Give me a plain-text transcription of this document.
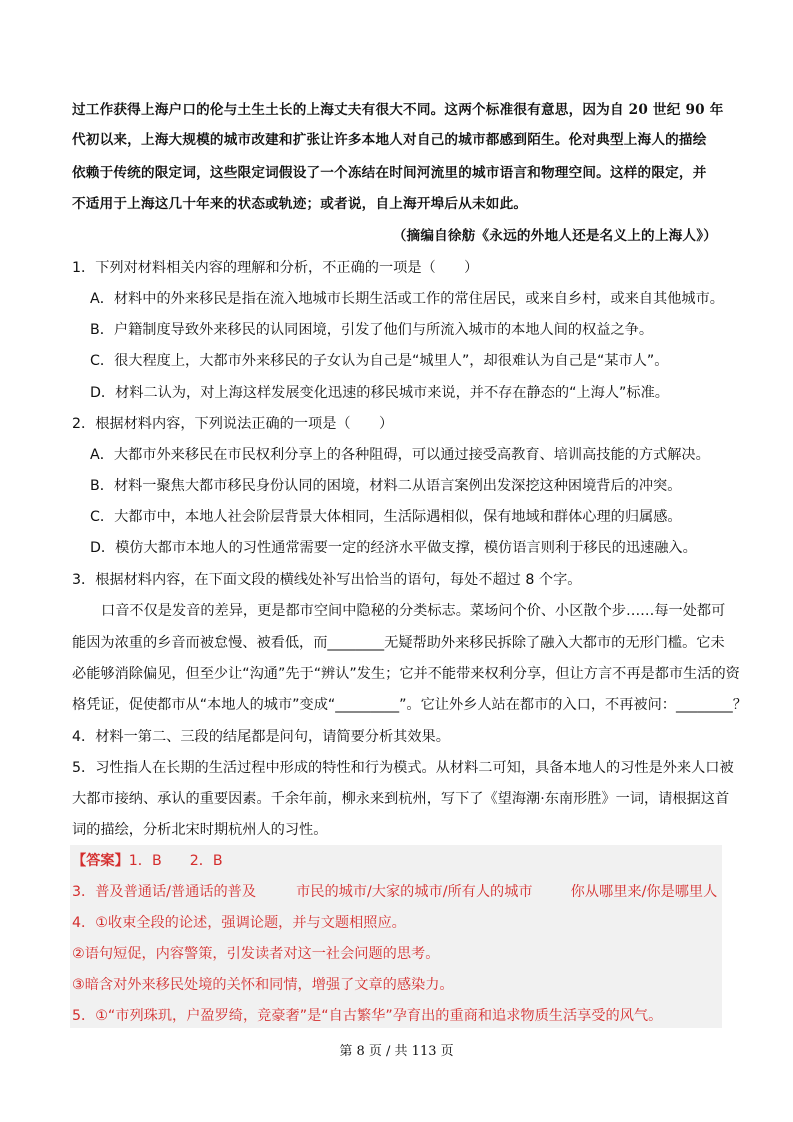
过工作获得上海户口的伦与土生土长的上海丈夫有很大不同。这两个标准很有意思，因为自 20 世纪 90 年
代初以来，上海大规模的城市改建和扩张让许多本地人对自己的城市都感到陌生。伦对典型上海人的描绘
依赖于传统的限定词，这些限定词假设了一个冻结在时间河流里的城市语言和物理空间。这样的限定，并
不适用于上海这几十年来的状态或轨迹；或者说，自上海开埠后从未如此。
（摘编自徐舫《永远的外地人还是名义上的上海人》）
1．下列对材料相关内容的理解和分析，不正确的一项是（　　）
A．材料中的外来移民是指在流入地城市长期生活或工作的常住居民，或来自乡村，或来自其他城市。
B．户籍制度导致外来移民的认同困境，引发了他们与所流入城市的本地人间的权益之争。
C．很大程度上，大都市外来移民的子女认为自己是“城里人”，却很难认为自己是“某市人”。
D．材料二认为，对上海这样发展变化迅速的移民城市来说，并不存在静态的“上海人”标准。
2．根据材料内容，下列说法正确的一项是（　　）
A．大都市外来移民在市民权利分享上的各种阻碍，可以通过接受高教育、培训高技能的方式解决。
B．材料一聚焦大都市移民身份认同的困境，材料二从语言案例出发深挖这种困境背后的冲突。
C．大都市中，本地人社会阶层背景大体相同，生活际遇相似，保有地域和群体心理的归属感。
D．模仿大都市本地人的习性通常需要一定的经济水平做支撑，模仿语言则利于移民的迅速融入。
3．根据材料内容，在下面文段的横线处补写出恰当的语句，每处不超过 8 个字。
口音不仅是发音的差异，更是都市空间中隐秘的分类标志。菜场问个价、小区散个步……每一处都可
能因为浓重的乡音而被怠慢、被看低，而________无疑帮助外来移民拆除了融入大都市的无形门槛。它未
必能够消除偏见，但至少让“沟通”先于“辨认”发生；它并不能带来权利分享，但让方言不再是都市生活的资
格凭证，促使都市从“本地人的城市”变成“_________”。它让外乡人站在都市的入口，不再被问：________？
4．材料一第二、三段的结尾都是问句，请简要分析其效果。
5．习性指人在长期的生活过程中形成的特性和行为模式。从材料二可知，具备本地人的习性是外来人口被
大都市接纳、承认的重要因素。千余年前，柳永来到杭州，写下了《望海潮·东南形胜》一词，请根据这首
词的描绘，分析北宋时期杭州人的习性。
【答案】1．B 2．B
3．普及普通话/普通话的普及	市民的城市/大家的城市/所有人的城市	你从哪里来/你是哪里人
4．①收束全段的论述，强调论题，并与文题相照应。
②语句短促，内容警策，引发读者对这一社会问题的思考。
③暗含对外来移民处境的关怀和同情，增强了文章的感染力。
5．①“市列珠玑，户盈罗绮，竞豪奢”是“自古繁华”孕育出的重商和追求物质生活享受的风气。
第 8 页 / 共 113 页
